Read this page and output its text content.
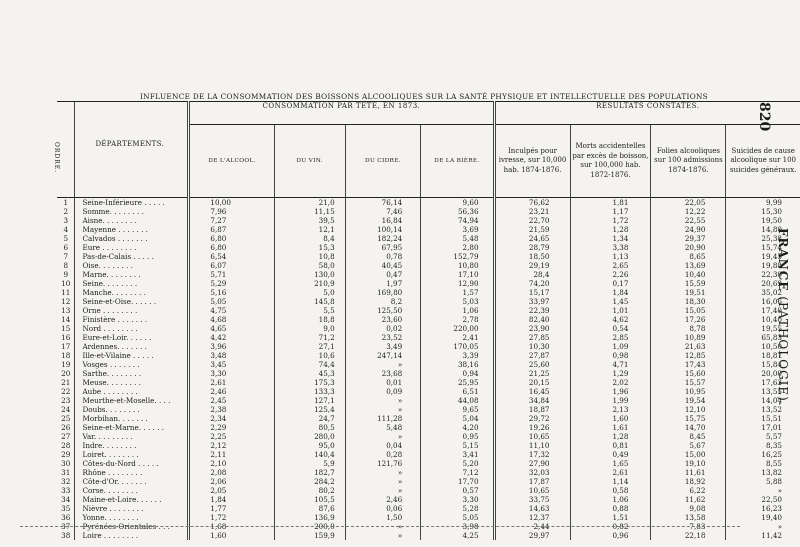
820
FRANCE (PATHOLOGIE).
INFLUENCE DE LA CONSOMMATION DES BOISSONS ALCOOLIQUES SUR LA SANTÉ PHYSIQUE ET INTELLECTUELLE DES POPULATIONS
ORDRE.	DÉPARTEMENTS.	CONSOMMATION PAR TÊTE, EN 1873.				RÉSULTATS CONSTATÉS.			
		DE L'ALCOOL.	DU VIN.	DU CIDRE.	DE LA BIÈRE.	Inculpés pour ivresse, sur 10,000 hab. 1874-1876.	Morts accidentelles par excès de boisson, sur 100,000 hab. 1872-1876.	Folies alcooliques sur 100 admissions 1874-1876.	Suicides de cause alcoolique sur 100 suicides généraux.
1	Seine-Inférieure . . . . .	10,00	21,0	76,14	9,60	76,62	1,81	22,05	9,99
2	Somme. . . . . . . .	7,96	11,15	7,46	56,36	23,21	1,17	12,22	15,30
3	Aisne. . . . . . . .	7,27	39,5	16,84	74,94	22,70	1,72	22,55	19,50
4	Mayenne . . . . . . .	6,87	12,1	100,14	3,69	21,59	1,28	24,90	14,80
5	Calvados . . . . . . .	6,80	8,4	182,24	5,48	24,65	1,34	29,37	25,38
6	Eure . . . . . . . .	6,80	15,3	67,95	2,80	28,79	3,38	20,90	15,74
7	Pas-de-Calais . . . . .	6,54	10,8	0,78	152,79	18,50	1,13	8,65	19,45
8	Oise. . . . . . . .	6,07	58,0	40,45	10,80	29,19	2,65	13,69	19,88
9	Marne. . . . . . . .	5,71	130,0	0,47	17,10	28,4	2,26	10,40	22,30
10	Seine. . . . . . . .	5,29	210,9	1,97	12,90	74,20	0,17	15,59	20,69
11	Manche. . . . . . . .	5,16	5,0	169,80	1,57	15,17	1,84	19,51	35,02
12	Seine-et-Oise. . . . . .	5,05	145,8	8,2	5,03	33,97	1,45	18,30	16,06
13	Orne . . . . . . . .	4,75	5,5	125,50	1,06	22,39	1,01	15,05	17,40
14	Finistère . . . . . . .	4,68	18,8	23,60	2,78	82,40	4,62	17,26	10,40
15	Nord . . . . . . . .	4,65	9,0	0,02	220,00	23,90	0,54	8,78	19,55
16	Eure-et-Loir. . . . . .	4,42	71,2	23,52	2,41	27,85	2,85	10,89	65,83
17	Ardennes. . . . . . .	3,96	27,1	3,49	170,05	10,30	1,09	21,63	10,50
18	Ille-et-Vilaine . . . . .	3,48	10,6	247,14	3,39	27,87	0,98	12,85	18,87
19	Vosges . . . . . . .	3,45	74,4	»	38,16	25,60	4,71	17,43	15,84
20	Sarthe. . . . . . . .	3,30	45,3	23,68	0,94	21,25	1,29	15,60	20,00
21	Meuse. . . . . . . .	2,61	175,3	0,01	25,95	20,15	2,02	15,57	17,63
22	Aube . . . . . . . .	2,46	133,3	0,09	6,51	16,45	1,96	10,95	13,55
23	Meurthe-et-Moselle. . . .	2,45	127,1	»	44,08	34,84	1,99	19,54	14,04
24	Doubs. . . . . . . .	2,38	125,4	»	9,65	18,87	2,13	12,10	13,52
25	Morbihan. . . . . . .	2,34	24,7	111,28	5,04	29,72	1,60	15,75	15,51
26	Seine-et-Marne. . . . . .	2,29	80,5	5,48	4,20	19,26	1,61	14,70	17,01
27	Var. . . . . . . . .	2,25	280,0	»	0,95	10,65	1,28	8,45	5,57
28	Indre. . . . . . . .	2,12	95,0	0,04	5,15	11,10	0,81	5,67	8,35
29	Loiret. . . . . . . .	2,11	140,4	0,28	3,41	17,32	0,49	15,00	16,25
30	Côtes-du-Nord . . . . .	2,10	5,9	121,76	5,20	27,90	1,65	19,10	8,55
31	Rhône . . . . . . . .	2,08	182,7	»	7,12	32,03	2,61	11,61	13,82
32	Côte-d'Or. . . . . . .	2,06	284,2	»	17,70	17,87	1,14	18,92	5,88
33	Corse. . . . . . . .	2,05	80,2	»	0,57	10,65	0,58	6,22	»
34	Maine-et-Loire. . . . . .	1,84	105,5	2,46	3,30	33,75	1,06	11,62	22,50
35	Nièvre . . . . . . . .	1,77	87,6	0,06	5,28	14,63	0,88	9,08	16,23
36	Yonne. . . . . . . .	1,72	136,9	1,50	5,05	12,37	1,51	13,58	19,40
37	Pyrénées-Orientales . . .	1,68	200,0	»	3,98	2,44	0,82	7,83	»
38	Loire . . . . . . . .	1,60	159,9	»	4,25	29,97	0,96	22,18	11,42
